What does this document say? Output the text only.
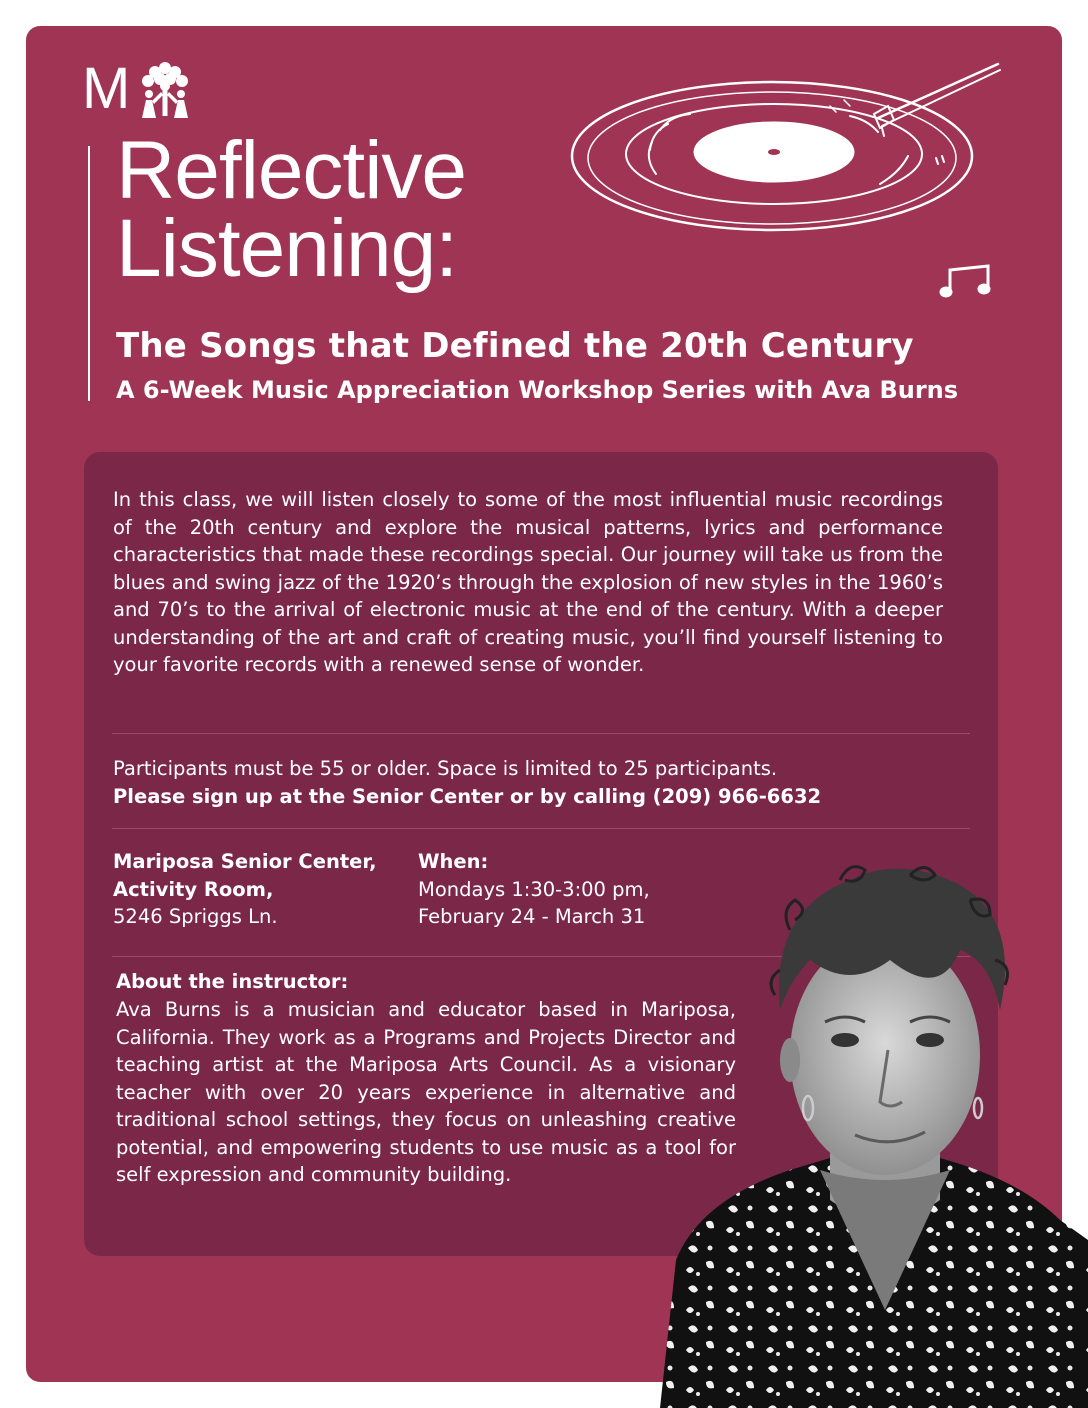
M
Reflective
Listening:
The Songs that Defined the 20th Century
A 6-Week Music Appreciation Workshop Series with Ava Burns

In this class, we will listen closely to some of the most influential music recordings of the 20th century and explore the musical patterns, lyrics and performance characteristics that made these recordings special. Our journey will take us from the blues and swing jazz of the 1920’s through the explosion of new styles in the 1960’s and 70’s to the arrival of electronic music at the end of the century. With a deeper understanding of the art and craft of creating music, you’ll find yourself listening to your favorite records with a renewed sense of wonder.

Participants must be 55 or older. Space is limited to 25 participants.

Please sign up at the Senior Center or by calling (209) 966-6632

Mariposa Senior Center,
Activity Room,
5246 Spriggs Ln.
When:
Mondays 1:30-3:00 pm,
February 24 - March 31

About the instructor:

Ava Burns is a musician and educator based in Mariposa, California. They work as a Programs and Projects Director and teaching artist at the Mariposa Arts Council. As a visionary teacher with over 20 years experience in alternative and traditional school settings, they focus on unleashing creative potential, and empowering students to use music as a tool for self expression and community building.
